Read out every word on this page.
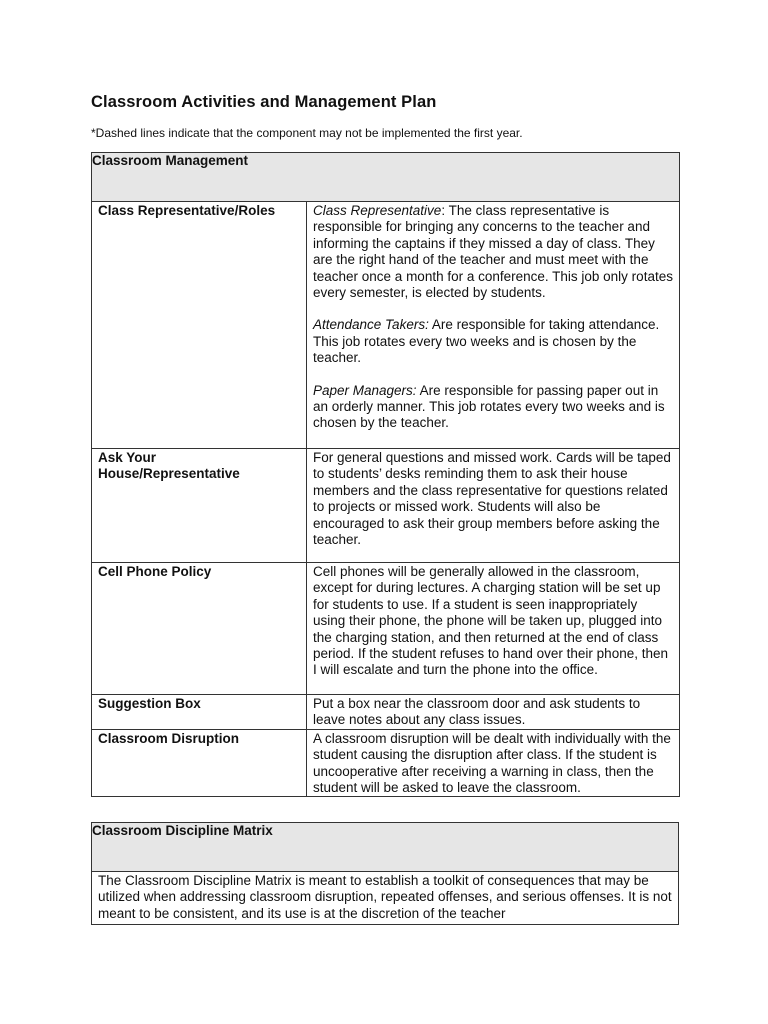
Classroom Activities and Management Plan
*Dashed lines indicate that the component may not be implemented the first year.
Classroom Management	
Class Representative/Roles	Class Representative: The class representative is responsible for bringing any concerns to the teacher and informing the captains if they missed a day of class. They are the right hand of the teacher and must meet with the teacher once a month for a conference. This job only rotates every semester, is elected by students.

Attendance Takers: Are responsible for taking attendance. This job rotates every two weeks and is chosen by the teacher.

Paper Managers: Are responsible for passing paper out in an orderly manner. This job rotates every two weeks and is chosen by the teacher.

Ask Your House/Representative	For general questions and missed work. Cards will be taped to students’ desks reminding them to ask their house members and the class representative for questions related to projects or missed work. Students will also be encouraged to ask their group members before asking the teacher.
Cell Phone Policy	Cell phones will be generally allowed in the classroom, except for during lectures. A charging station will be set up for students to use. If a student is seen inappropriately using their phone, the phone will be taken up, plugged into the charging station, and then returned at the end of class period. If the student refuses to hand over their phone, then I will escalate and turn the phone into the office.
Suggestion Box	Put a box near the classroom door and ask students to leave notes about any class issues.
Classroom Disruption	A classroom disruption will be dealt with individually with the student causing the disruption after class. If the student is uncooperative after receiving a warning in class, then the student will be asked to leave the classroom.
Classroom Discipline Matrix
The Classroom Discipline Matrix is meant to establish a toolkit of consequences that may be utilized when addressing classroom disruption, repeated offenses, and serious offenses. It is not meant to be consistent, and its use is at the discretion of the teacher
